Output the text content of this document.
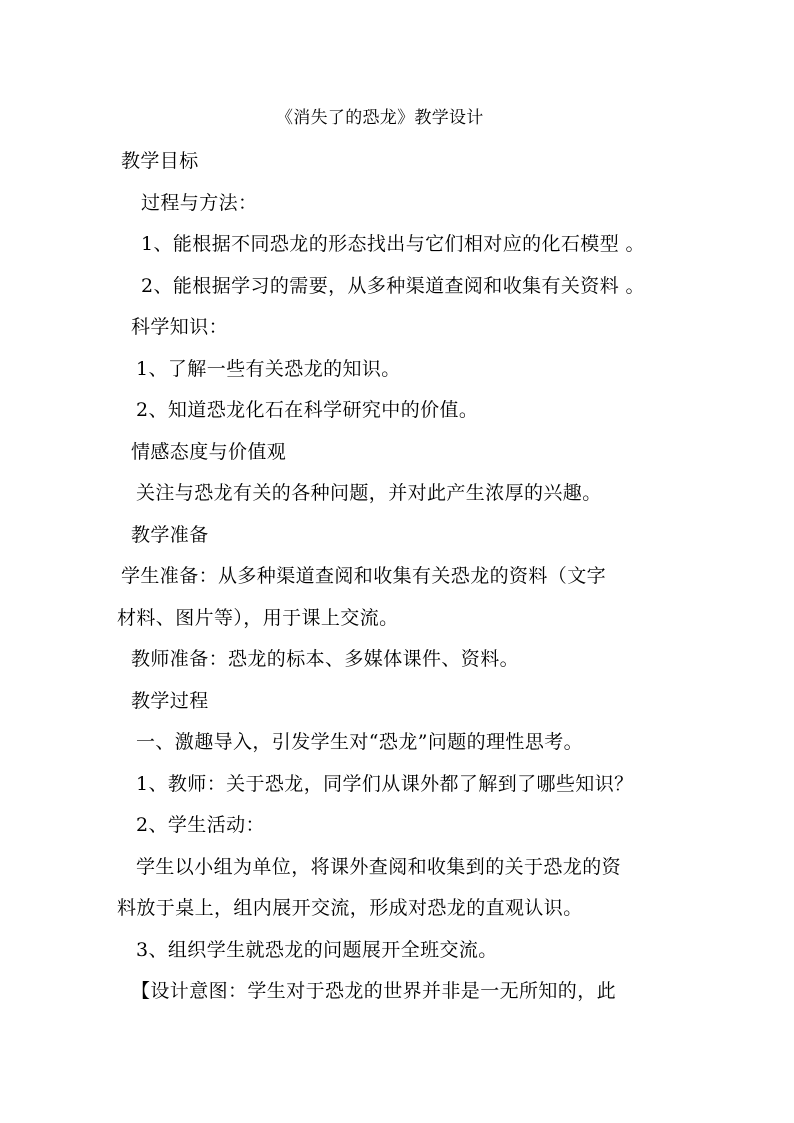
《消失了的恐龙》教学设计
教学目标
过程与方法：
1、能根据不同恐龙的形态找出与它们相对应的化石模型 。
2、能根据学习的需要，从多种渠道查阅和收集有关资料 。
科学知识：
1、了解一些有关恐龙的知识。
2、知道恐龙化石在科学研究中的价值。
情感态度与价值观
关注与恐龙有关的各种问题，并对此产生浓厚的兴趣。
教学准备
学生准备：从多种渠道查阅和收集有关恐龙的资料（文字
材料、图片等），用于课上交流。
教师准备：恐龙的标本、多媒体课件、资料。
教学过程
一、激趣导入，引发学生对“恐龙”问题的理性思考。
1、教师：关于恐龙，同学们从课外都了解到了哪些知识？
2、学生活动：
学生以小组为单位，将课外查阅和收集到的关于恐龙的资
料放于桌上，组内展开交流，形成对恐龙的直观认识。
3、组织学生就恐龙的问题展开全班交流。
【设计意图：学生对于恐龙的世界并非是一无所知的，此
